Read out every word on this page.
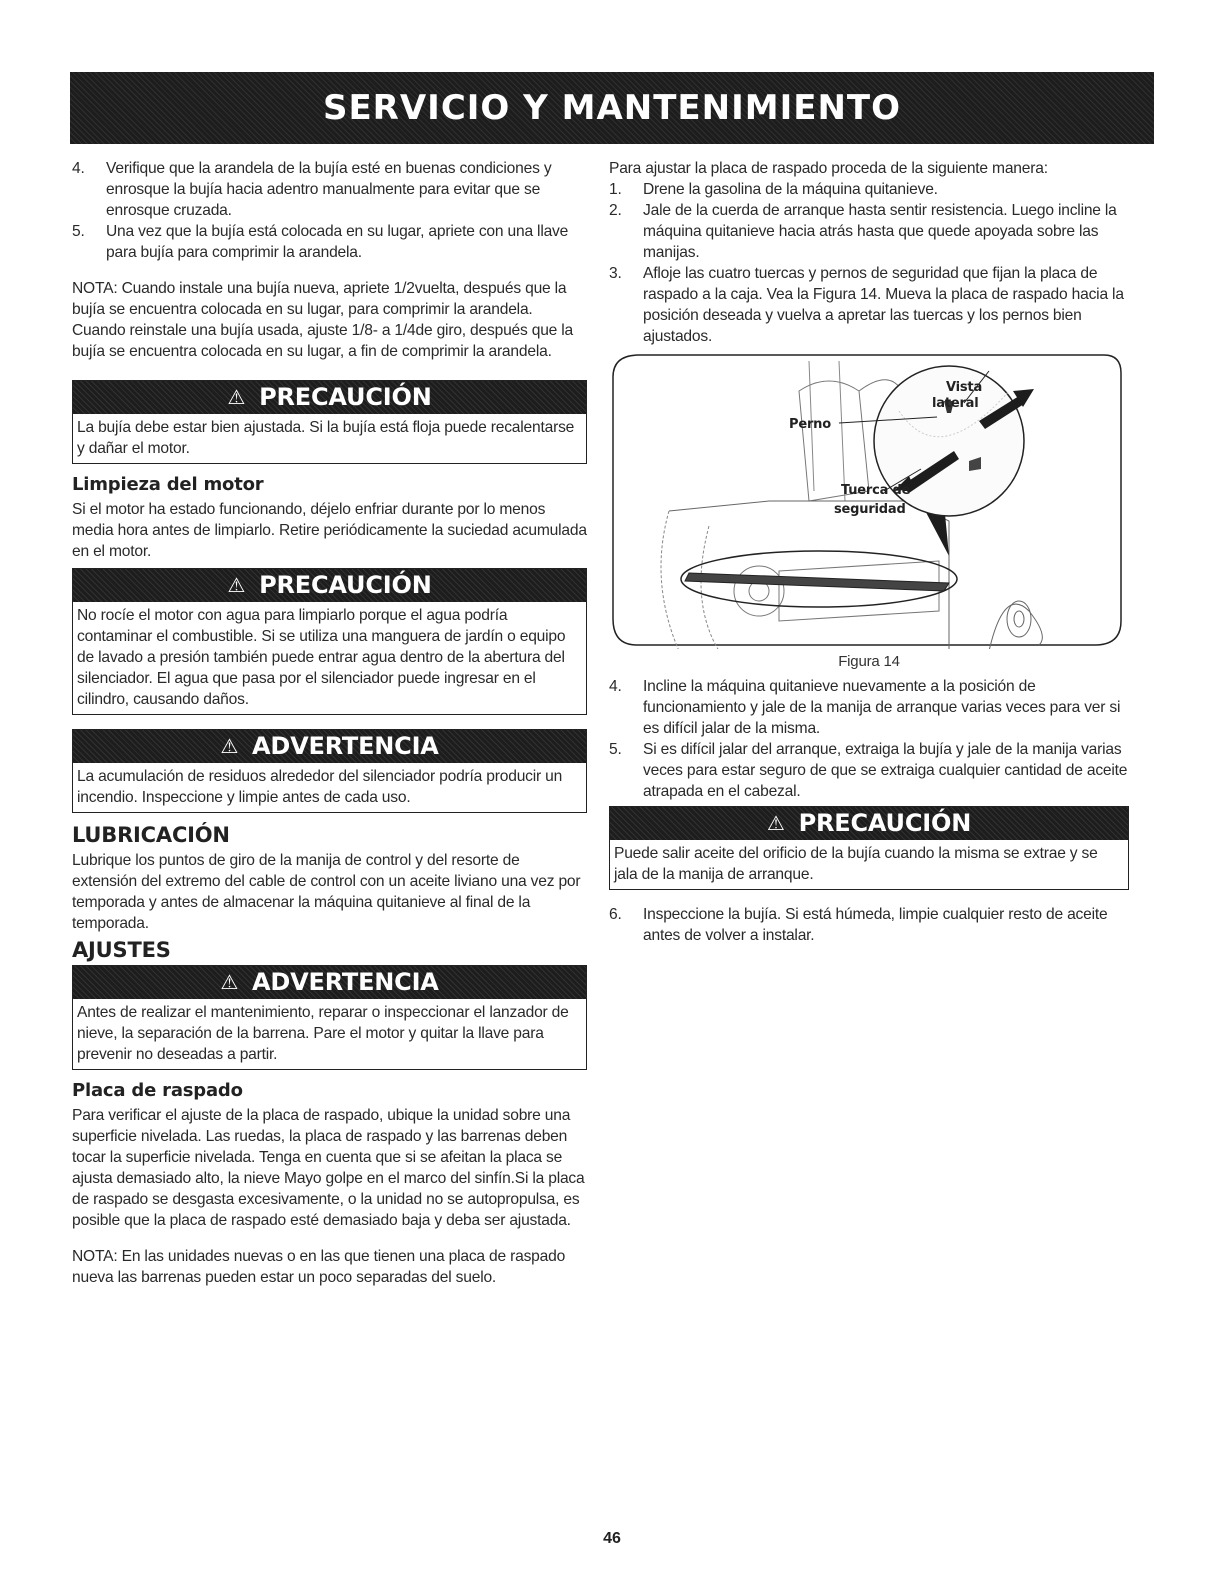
SERVICIO Y MANTENIMIENTO
4.	Verifique que la arandela de la bujía esté en buenas condiciones y enrosque la bujía hacia adentro manualmente para evitar que se enrosque cruzada.
5.	Una vez que la bujía está colocada en su lugar, apriete con una llave para bujía para comprimir la arandela.

NOTA: Cuando instale una bujía nueva, apriete 1/2vuelta, después que la bujía se encuentra colocada en su lugar, para comprimir la arandela. Cuando reinstale una bujía usada, ajuste 1/8- a 1/4de giro, después que la bujía se encuentra colocada en su lugar, a fin de comprimir la arandela.

⚠ PRECAUCIÓN
La bujía debe estar bien ajustada. Si la bujía está floja puede recalentarse y dañar el motor.
Limpieza del motor

Si el motor ha estado funcionando, déjelo enfriar durante por lo menos media hora antes de limpiarlo. Retire periódicamente la suciedad acumulada en el motor.

⚠ PRECAUCIÓN
No rocíe el motor con agua para limpiarlo porque el agua podría contaminar el combustible. Si se utiliza una manguera de jardín o equipo de lavado a presión también puede entrar agua dentro de la abertura del silenciador. El agua que pasa por el silenciador puede ingresar en el cilindro, causando daños.
⚠ ADVERTENCIA
La acumulación de residuos alrededor del silenciador podría producir un incendio. Inspeccione y limpie antes de cada uso.
LUBRICACIÓN

Lubrique los puntos de giro de la manija de control y del resorte de extensión del extremo del cable de control con un aceite liviano una vez por temporada y antes de almacenar la máquina quitanieve al final de la temporada.

AJUSTES
⚠ ADVERTENCIA
Antes de realizar el mantenimiento, reparar o inspeccionar el lanzador de nieve, la separación de la barrena. Pare el motor y quitar la llave para prevenir no deseadas a partir.
Placa de raspado

Para verificar el ajuste de la placa de raspado, ubique la unidad sobre una superficie nivelada. Las ruedas, la placa de raspado y las barrenas deben tocar la superficie nivelada. Tenga en cuenta que si se afeitan la placa se ajusta demasiado alto, la nieve Mayo golpe en el marco del sinfín.Si la placa de raspado se desgasta excesivamente, o la unidad no se autopropulsa, es posible que la placa de raspado esté demasiado baja y deba ser ajustada.

NOTA: En las unidades nuevas o en las que tienen una placa de raspado nueva las barrenas pueden estar un poco separadas del suelo.

Para ajustar la placa de raspado proceda de la siguiente manera:

1.	Drene la gasolina de la máquina quitanieve.
2.	Jale de la cuerda de arranque hasta sentir resistencia. Luego incline la máquina quitanieve hacia atrás hasta que quede apoyada sobre las manijas.
3.	Afloje las cuatro tuercas y pernos de seguridad que fijan la placa de raspado a la caja. Vea la Figura 14. Mueva la placa de raspado hacia la posición deseada y vuelva a apretar las tuercas y los pernos bien ajustados.
Vista
lateral
Perno
Tuerca de
seguridad
Figura 14
4.	Incline la máquina quitanieve nuevamente a la posición de funcionamiento y jale de la manija de arranque varias veces para ver si es difícil jalar de la misma.
5.	Si es difícil jalar del arranque, extraiga la bujía y jale de la manija varias veces para estar seguro de que se extraiga cualquier cantidad de aceite atrapada en el cabezal.
⚠ PRECAUCIÓN
Puede salir aceite del orificio de la bujía cuando la misma se extrae y se jala de la manija de arranque.
6.	Inspeccione la bujía. Si está húmeda, limpie cualquier resto de aceite antes de volver a instalar.
46
